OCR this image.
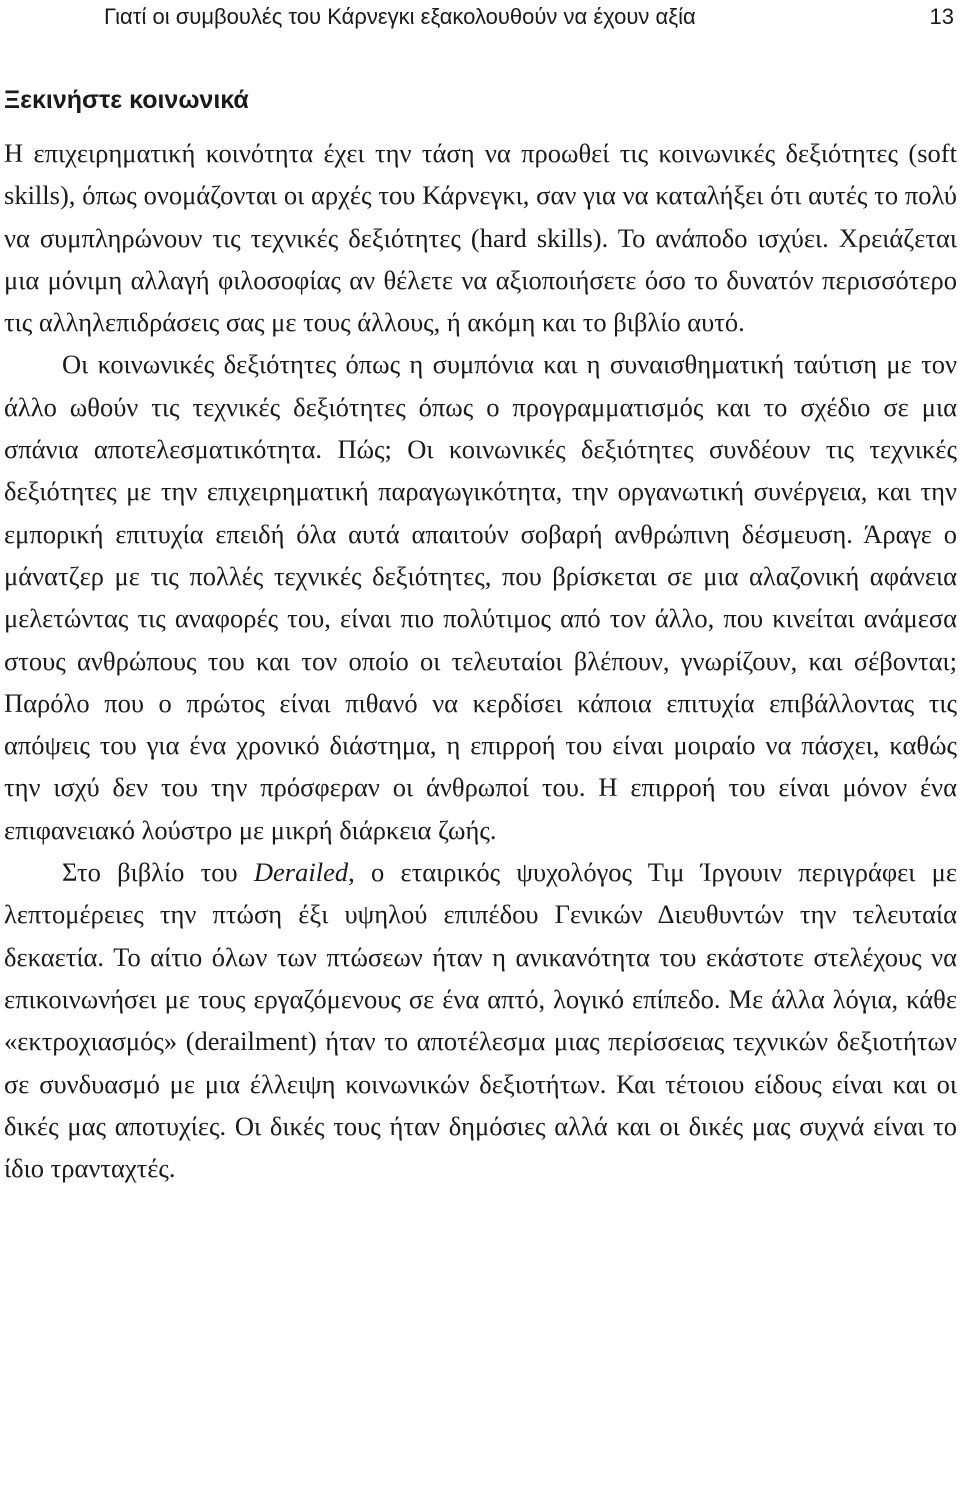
Γιατί οι συμβουλές του Κάρνεγκι εξακολουθούν να έχουν αξία	13
Ξεκινήστε κοινωνικά

Η επιχειρηματική κοινότητα έχει την τάση να προωθεί τις κοινωνικές δεξιότητες (soft skills), όπως ονομάζονται οι αρχές του Κάρνεγκι, σαν για να καταλήξει ότι αυτές το πολύ να συμπληρώνουν τις τεχνικές δεξιότητες (hard skills). Το ανάποδο ισχύει. Χρειάζεται μια μόνιμη αλλαγή φιλοσοφίας αν θέλετε να αξιοποιήσετε όσο το δυνατόν περισσότερο τις αλληλεπιδράσεις σας με τους άλλους, ή ακόμη και το βιβλίο αυτό.

Οι κοινωνικές δεξιότητες όπως η συμπόνια και η συναισθηματική ταύτιση με τον άλλο ωθούν τις τεχνικές δεξιότητες όπως ο προγραμματισμός και το σχέδιο σε μια σπάνια αποτελεσματικότητα. Πώς; Οι κοινωνικές δεξιότητες συνδέουν τις τεχνικές δεξιότητες με την επιχειρηματική παραγωγικότητα, την οργανωτική συνέργεια, και την εμπορική επιτυχία επειδή όλα αυτά απαιτούν σοβαρή ανθρώπινη δέσμευση. Άραγε ο μάνατζερ με τις πολλές τεχνικές δεξιότητες, που βρίσκεται σε μια αλαζονική αφάνεια μελετώντας τις αναφορές του, είναι πιο πολύτιμος από τον άλλο, που κινείται ανάμεσα στους ανθρώπους του και τον οποίο οι τελευταίοι βλέπουν, γνωρίζουν, και σέβονται; Παρόλο που ο πρώτος είναι πιθανό να κερδίσει κάποια επιτυχία επιβάλλοντας τις απόψεις του για ένα χρονικό διάστημα, η επιρροή του είναι μοιραίο να πάσχει, καθώς την ισχύ δεν του την πρόσφεραν οι άνθρωποί του. Η επιρροή του είναι μόνον ένα επιφανειακό λούστρο με μικρή διάρκεια ζωής.

Στο βιβλίο του Derailed, ο εταιρικός ψυχολόγος Τιμ Ίργουιν περιγράφει με λεπτομέρειες την πτώση έξι υψηλού επιπέδου Γενικών Διευθυντών την τελευταία δεκαετία. Το αίτιο όλων των πτώσεων ήταν η ανικανότητα του εκάστοτε στελέχους να επικοινωνήσει με τους εργαζόμενους σε ένα απτό, λογικό επίπεδο. Με άλλα λόγια, κάθε «εκτροχιασμός» (derailment) ήταν το αποτέλεσμα μιας περίσσειας τεχνικών δεξιοτήτων σε συνδυασμό με μια έλλειψη κοινωνικών δεξιοτήτων. Και τέτοιου είδους είναι και οι δικές μας αποτυχίες. Οι δικές τους ήταν δημόσιες αλλά και οι δικές μας συχνά είναι το ίδιο τρανταχτές.
